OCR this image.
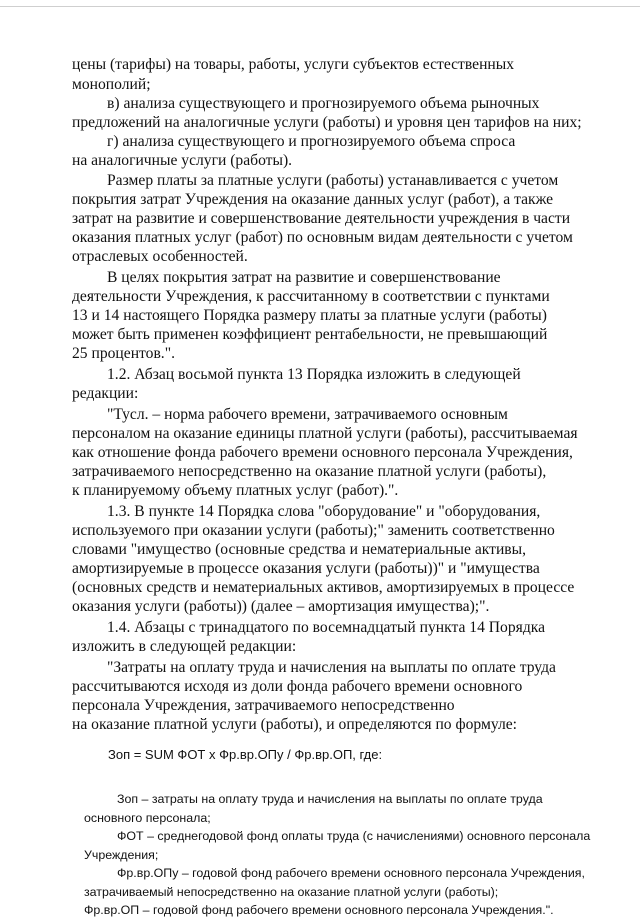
цены (тарифы) на товары, работы, услуги субъектов естественных
монополий;
в) анализа существующего и прогнозируемого объема рыночных
предложений на аналогичные услуги (работы) и уровня цен тарифов на них;
г) анализа существующего и прогнозируемого объема спроса
на аналогичные услуги (работы).
Размер платы за платные услуги (работы) устанавливается с учетом
покрытия затрат Учреждения на оказание данных услуг (работ), а также
затрат на развитие и совершенствование деятельности учреждения в части
оказания платных услуг (работ) по основным видам деятельности с учетом
отраслевых особенностей.
В целях покрытия затрат на развитие и совершенствование
деятельности Учреждения, к рассчитанному в соответствии с пунктами
13 и 14 настоящего Порядка размеру платы за платные услуги (работы)
может быть применен коэффициент рентабельности, не превышающий
25 процентов.".
1.2. Абзац восьмой пункта 13 Порядка изложить в следующей
редакции:
"Тусл. – норма рабочего времени, затрачиваемого основным
персоналом на оказание единицы платной услуги (работы), рассчитываемая
как отношение фонда рабочего времени основного персонала Учреждения,
затрачиваемого непосредственно на оказание платной услуги (работы),
к планируемому объему платных услуг (работ).".
1.3. В пункте 14 Порядка слова "оборудование" и "оборудования,
используемого при оказании услуги (работы);" заменить соответственно
словами "имущество (основные средства и нематериальные активы,
амортизируемые в процессе оказания услуги (работы))" и "имущества
(основных средств и нематериальных активов, амортизируемых в процессе
оказания услуги (работы)) (далее – амортизация имущества);".
1.4. Абзацы с тринадцатого по восемнадцатый пункта 14 Порядка
изложить в следующей редакции:
"Затраты на оплату труда и начисления на выплаты по оплате труда
рассчитываются исходя из доли фонда рабочего времени основного
персонала Учреждения, затрачиваемого непосредственно
на оказание платной услуги (работы), и определяются по формуле:
Зоп = SUM ФОТ х Фр.вр.ОПу / Фр.вр.ОП, где:
Зоп – затраты на оплату труда и начисления на выплаты по оплате труда
основного персонала;
ФОТ – среднегодовой фонд оплаты труда (с начислениями) основного персонала
Учреждения;
Фр.вр.ОПу – годовой фонд рабочего времени основного персонала Учреждения,
затрачиваемый непосредственно на оказание платной услуги (работы);
Фр.вр.ОП – годовой фонд рабочего времени основного персонала Учреждения.".
